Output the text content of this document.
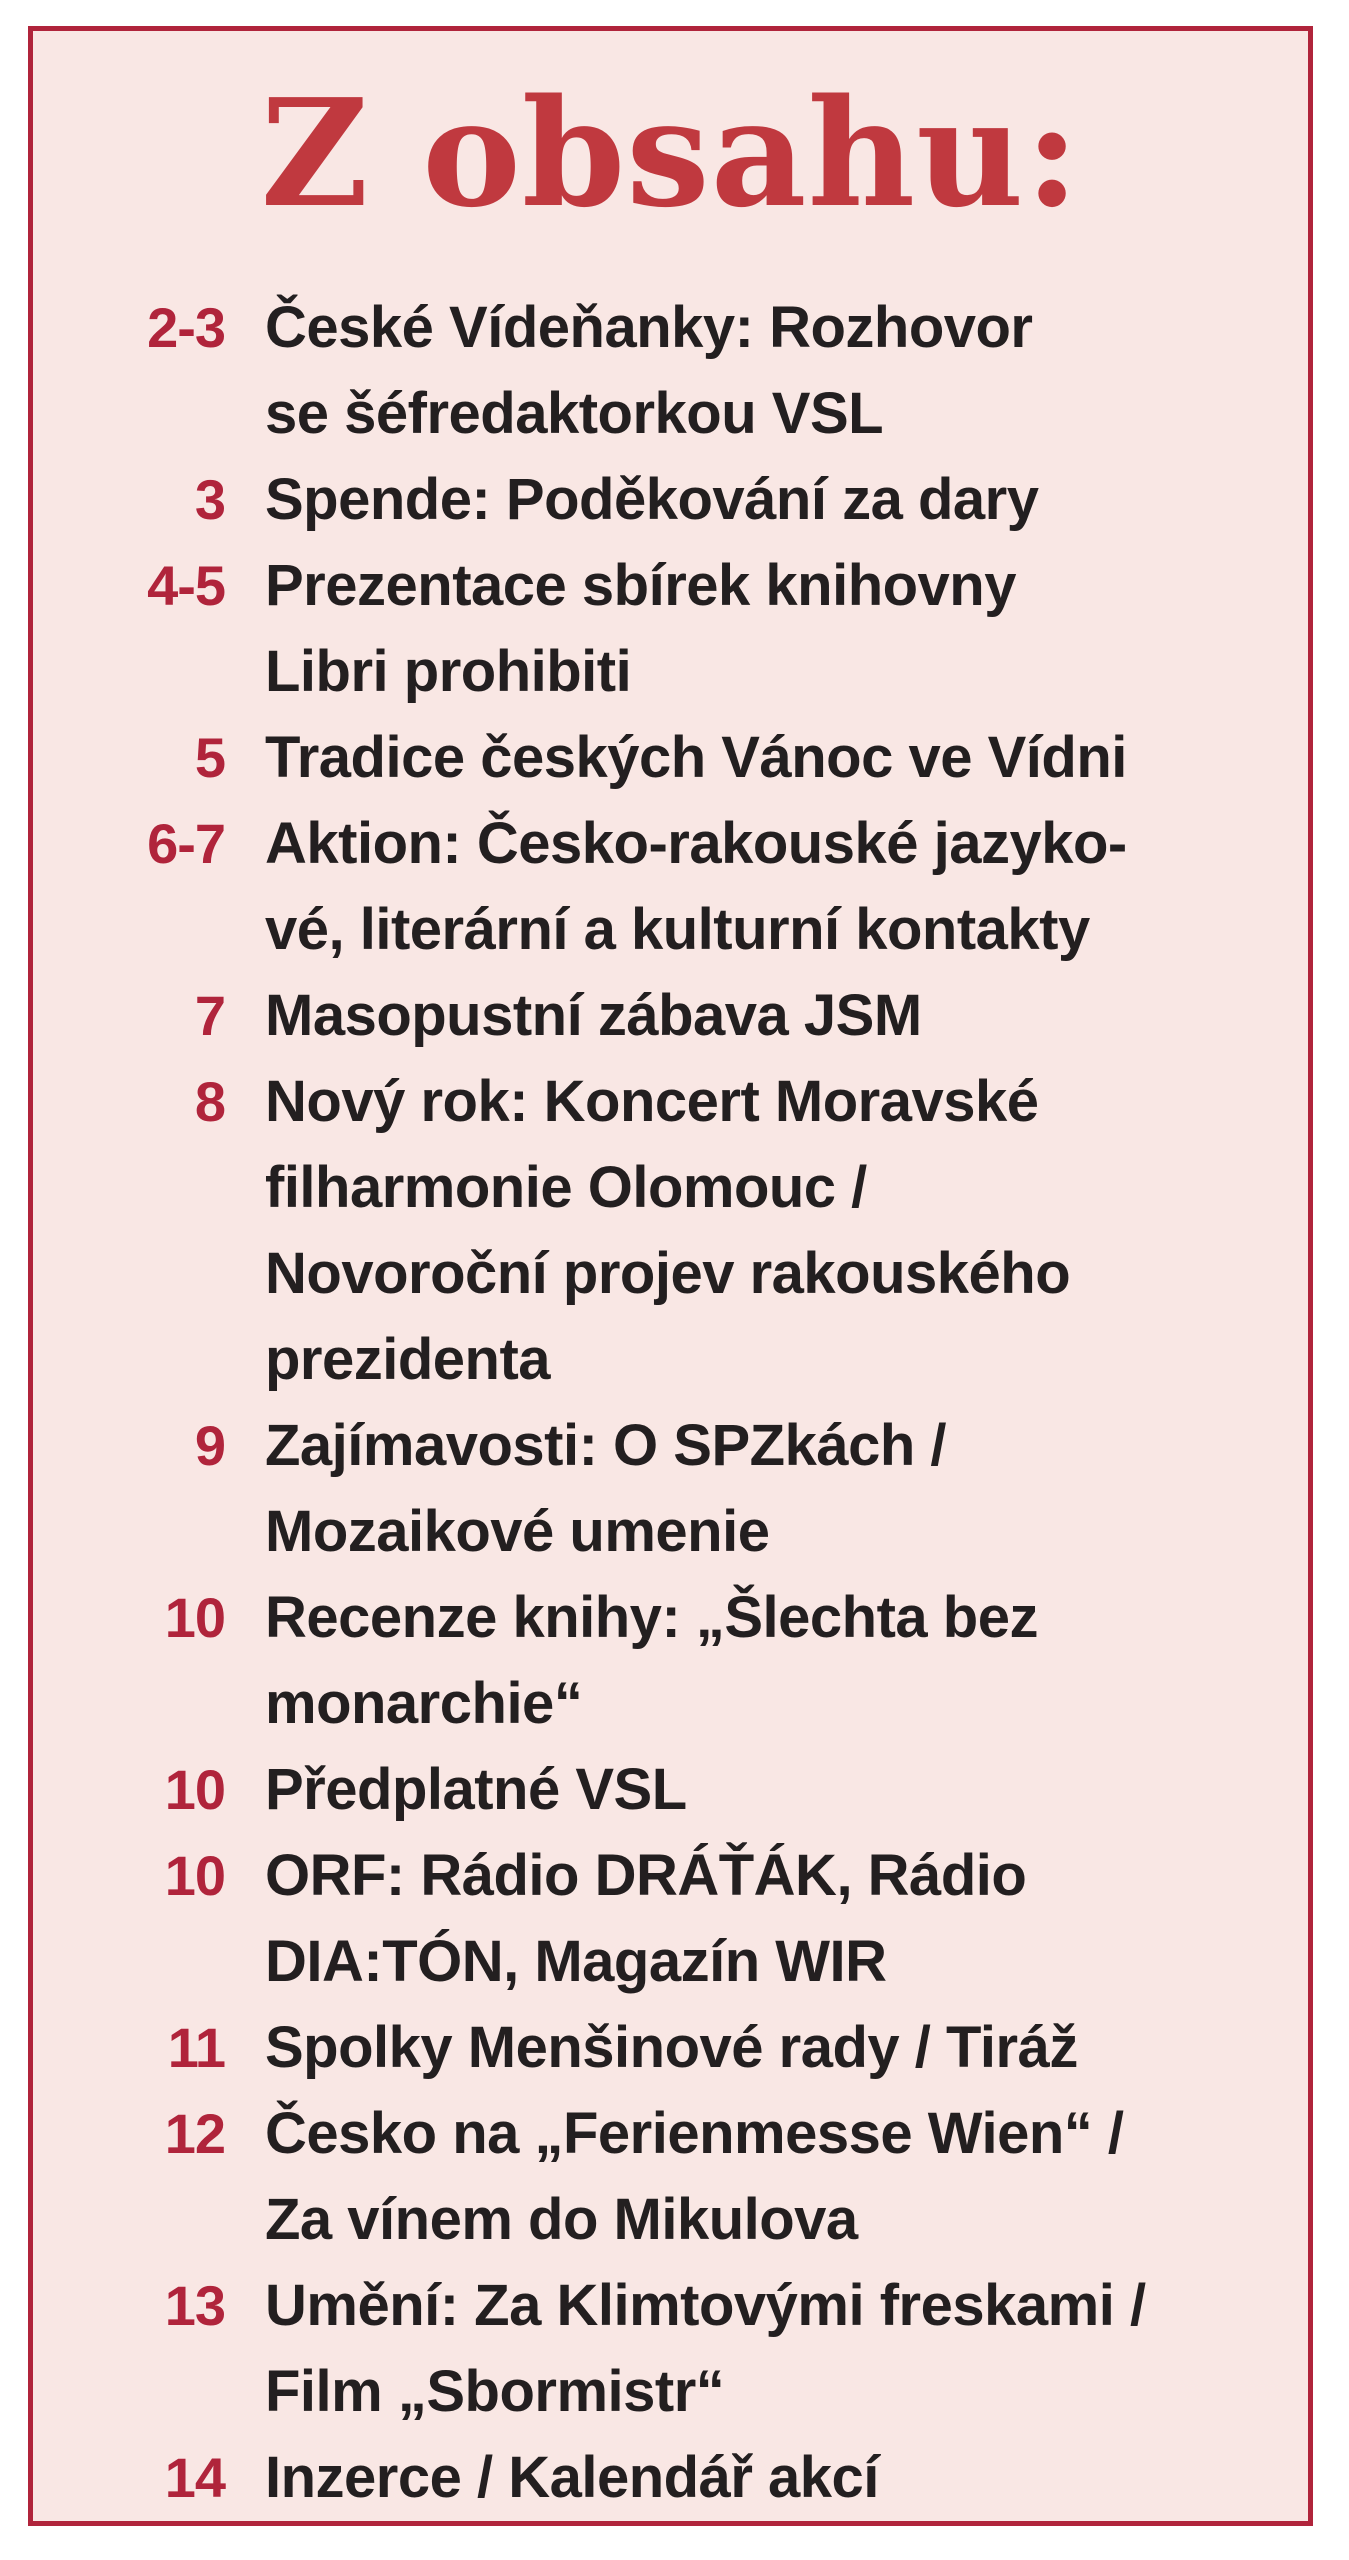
Z obsahu:
2-3 České Vídeňanky: Rozhovor
se šéfredaktorkou VSL
3 Spende: Poděkování za dary
4-5 Prezentace sbírek knihovny
Libri prohibiti
5 Tradice českých Vánoc ve Vídni
6-7 Aktion: Česko-rakouské jazyko-
vé, literární a kulturní kontakty
7 Masopustní zábava JSM
8 Nový rok: Koncert Moravské
filharmonie Olomouc /
Novoroční projev rakouského
prezidenta
9 Zajímavosti: O SPZkách /
Mozaikové umenie
10 Recenze knihy: „Šlechta bez
monarchie“
10 Předplatné VSL
10 ORF: Rádio DRÁŤÁK, Rádio
DIA:TÓN, Magazín WIR
11 Spolky Menšinové rady / Tiráž
12 Česko na „Ferienmesse Wien“ /
Za vínem do Mikulova
13 Umění: Za Klimtovými freskami /
Film „Sbormistr“
14 Inzerce / Kalendář akcí
